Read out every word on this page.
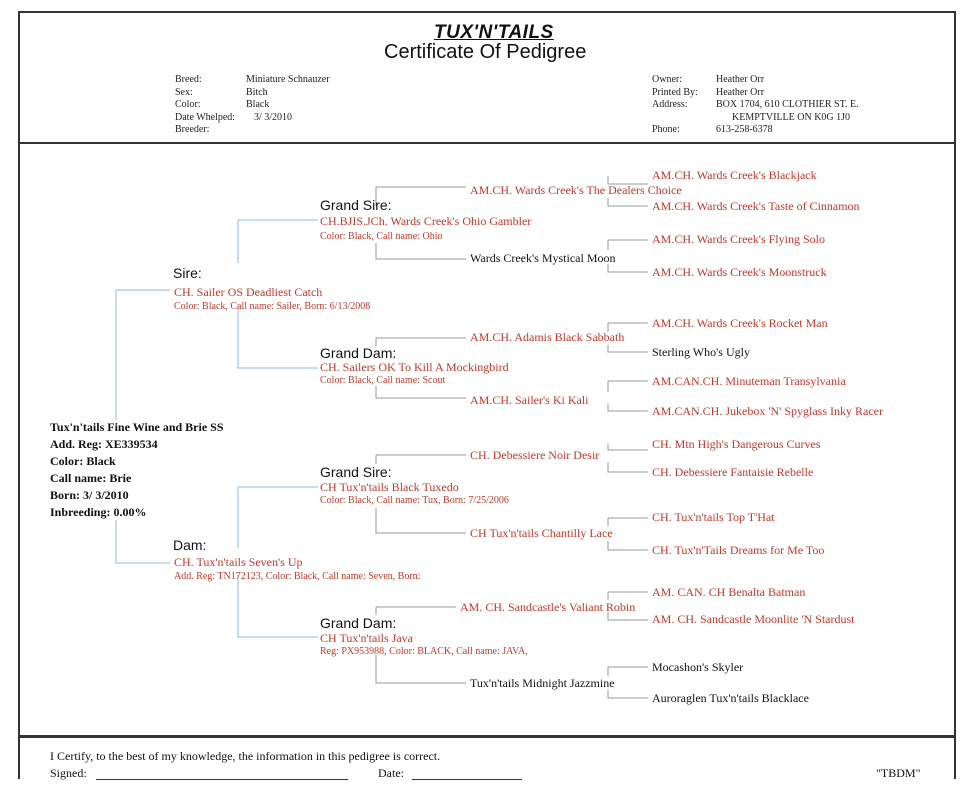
TUX'N'TAILS
Certificate Of Pedigree
Breed:
Sex:
Color:
Date Whelped:
Breeder:
Miniature Schnauzer
Bitch
Black
3/ 3/2010
Owner:
Printed By:
Address:

Phone:
Heather Orr
Heather Orr
BOX 1704, 610 CLOTHIER ST. E.
KEMPTVILLE ON K0G 1J0
613-258-6378
Tux'n'tails Fine Wine and Brie SS
Add. Reg: XE339534
Color: Black
Call name: Brie
Born: 3/ 3/2010
Inbreeding: 0.00%
Sire:
CH. Sailer OS Deadliest Catch
Color: Black, Call name: Sailer, Born: 6/13/2008
Grand Sire:
CH.BJIS.JCh. Wards Creek's Ohio Gambler
Color: Black, Call name: Ohio
AM.CH. Wards Creek's The Dealers Choice
Wards Creek's Mystical Moon
AM.CH. Wards Creek's Blackjack
AM.CH. Wards Creek's Taste of Cinnamon
AM.CH. Wards Creek's Flying Solo
AM.CH. Wards Creek's Moonstruck
Grand Dam:
CH. Sailers OK To Kill A Mockingbird
Color: Black, Call name: Scout
AM.CH. Adamis Black Sabbath
AM.CH. Sailer's Ki Kali
AM.CH. Wards Creek's Rocket Man
Sterling Who's Ugly
AM.CAN.CH. Minuteman Transylvania
AM.CAN.CH. Jukebox 'N' Spyglass Inky Racer
Dam:
CH. Tux'n'tails Seven's Up
Add. Reg: TN172123, Color: Black, Call name: Seven, Born:
Grand Sire:
CH Tux'n'tails Black Tuxedo
Color: Black, Call name: Tux, Born: 7/25/2006
CH. Debessiere Noir Desir
CH Tux'n'tails Chantilly Lace
CH. Mtn High's Dangerous Curves
CH. Debessiere Fantaisie Rebelle
CH. Tux'n'tails Top T'Hat
CH. Tux'n'Tails Dreams for Me Too
Grand Dam:
CH Tux'n'tails Java
Reg: PX953988, Color: BLACK, Call name: JAVA,
AM. CH. Sandcastle's Valiant Robin
Tux'n'tails Midnight Jazzmine
AM. CAN. CH Benalta Batman
AM. CH. Sandcastle Moonlite 'N Stardust
Mocashon's Skyler
Auroraglen Tux'n'tails Blacklace
I Certify, to the best of my knowledge, the information in this pedigree is correct.
Signed:	Date:	"TBDM"
